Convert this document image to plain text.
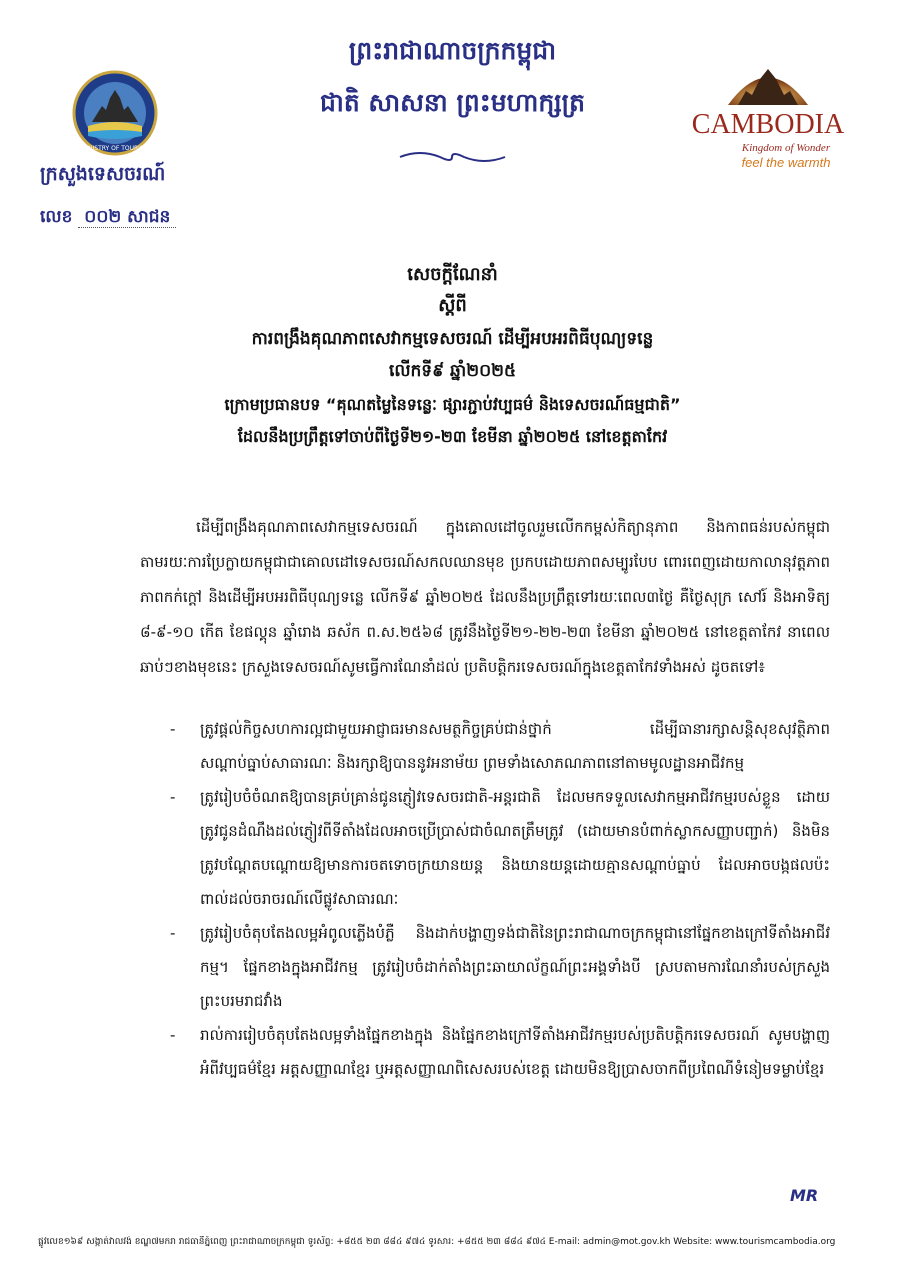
MINISTRY OF TOURISM
CAMBODIA
Kingdom of Wonder
feel the warmth
ព្រះរាជាណាចក្រកម្ពុជា
ជាតិ សាសនា ព្រះមហាក្សត្រ
ក្រសួងទេសចរណ៍
លេខ ០០២ សាជន
សេចក្តីណែនាំ
ស្តីពី
ការពង្រឹងគុណភាពសេវាកម្មទេសចរណ៍ ដើម្បីអបអរពិធីបុណ្យទន្លេ
លើកទី៩ ឆ្នាំ២០២៥
ក្រោមប្រធានបទ “គុណតម្លៃនៃទន្លេៈ ផ្សារភ្ជាប់វប្បធម៌ និងទេសចរណ៍ធម្មជាតិ”
ដែលនឹងប្រព្រឹត្តទៅចាប់ពីថ្ងៃទី២១-២៣ ខែមីនា ឆ្នាំ២០២៥ នៅខេត្តតាកែវ
ដើម្បីពង្រឹងគុណភាពសេវាកម្មទេសចរណ៍ ក្នុងគោលដៅចូលរួមលើកកម្ពស់កិត្យានុភាព និងកាពធន់របស់កម្ពុជា តាមរយៈការប្រែក្លាយកម្ពុជាជាគោលដៅទេសចរណ៍សកលឈានមុខ ប្រកបដោយភាពសម្បូរបែប ពោរពេញដោយកាលានុវត្តភាព ភាពកក់ក្តៅ និងដើម្បីអបអរពិធីបុណ្យទន្លេ លើកទី៩ ឆ្នាំ២០២៥ ដែលនឹងប្រព្រឹត្តទៅរយៈពេល៣ថ្ងៃ គឺថ្ងៃសុក្រ សៅរ៍ និងអាទិត្យ ៨-៩-១០ កើត ខែផល្គុន ឆ្នាំរោង ឆស័ក ព.ស.២៥៦៨ ត្រូវនឹងថ្ងៃទី២១-២២-២៣ ខែមីនា ឆ្នាំ២០២៥ នៅខេត្តតាកែវ នាពេលឆាប់ៗខាងមុខនេះ ក្រសួងទេសចរណ៍សូមធ្វើការណែនាំដល់ ប្រតិបត្តិករទេសចរណ៍ក្នុងខេត្តតាកែវទាំងអស់ ដូចតទៅ៖
- ត្រូវផ្តល់កិច្ចសហការល្អជាមួយអាជ្ញាធរមានសមត្ថកិច្ចគ្រប់ជាន់ថ្នាក់ ដើម្បីធានារក្សាសន្តិសុខសុវត្ថិភាព សណ្តាប់ធ្នាប់សាធារណៈ និងរក្សាឱ្យបាននូវអនាម័យ ព្រមទាំងសោភណភាពនៅតាមមូលដ្ឋានអាជីវកម្ម
- ត្រូវរៀបចំចំណតឱ្យបានគ្រប់គ្រាន់ជូនភ្ញៀវទេសចរជាតិ-អន្តរជាតិ ដែលមកទទួលសេវាកម្មអាជីវកម្មរបស់ខ្លួន ដោយត្រូវជូនដំណឹងដល់ភ្ញៀវពីទីតាំងដែលអាចប្រើប្រាស់ជាចំណតត្រឹមត្រូវ (ដោយមានបំពាក់ស្លាកសញ្ញាបញ្ជាក់) និងមិនត្រូវបណ្តែតបណ្តោយឱ្យមានការចតទោចក្រយានយន្ត និងយានយន្តដោយគ្មានសណ្តាប់ធ្នាប់ ដែលអាចបង្កផលប៉ះពាល់ដល់ចរាចរណ៍លើផ្លូវសាធារណៈ
- ត្រូវរៀបចំតុបតែងលម្អអំពូលភ្លើងបំភ្លឺ និងដាក់បង្ហាញទង់ជាតិនៃព្រះរាជាណាចក្រកម្ពុជានៅផ្នែកខាងក្រៅទីតាំងអាជីវកម្ម។ ផ្នែកខាងក្នុងអាជីវកម្ម ត្រូវរៀបចំដាក់តាំងព្រះឆាយាល័ក្ខណ៍ព្រះអង្គទាំងបី ស្របតាមការណែនាំរបស់ក្រសួងព្រះបរមរាជវាំង
- រាល់ការរៀបចំតុបតែងលម្អទាំងផ្នែកខាងក្នុង និងផ្នែកខាងក្រៅទីតាំងអាជីវកម្មរបស់ប្រតិបត្តិករទេសចរណ៍ សូមបង្ហាញអំពីវប្បធម៌ខ្មែរ អត្តសញ្ញាណខ្មែរ ឬអត្តសញ្ញាណពិសេសរបស់ខេត្ត ដោយមិនឱ្យប្រាសចាកពីប្រពៃណីទំនៀមទម្លាប់ខ្មែរ
MR
ផ្លូវលេខ១៦៩ សង្កាត់វាលវង់ ខណ្ឌ៧មករា រាជធានីភ្នំពេញ ព្រះរាជាណាចក្រកម្ពុជា ទូរស័ព្ទ: +៨៥៥ ២៣ ៨៨៤ ៩៧៤ ទូរសារ: +៨៥៥ ២៣ ៨៨៤ ៩៧៤ E-mail: admin@mot.gov.kh Website: www.tourismcambodia.org
